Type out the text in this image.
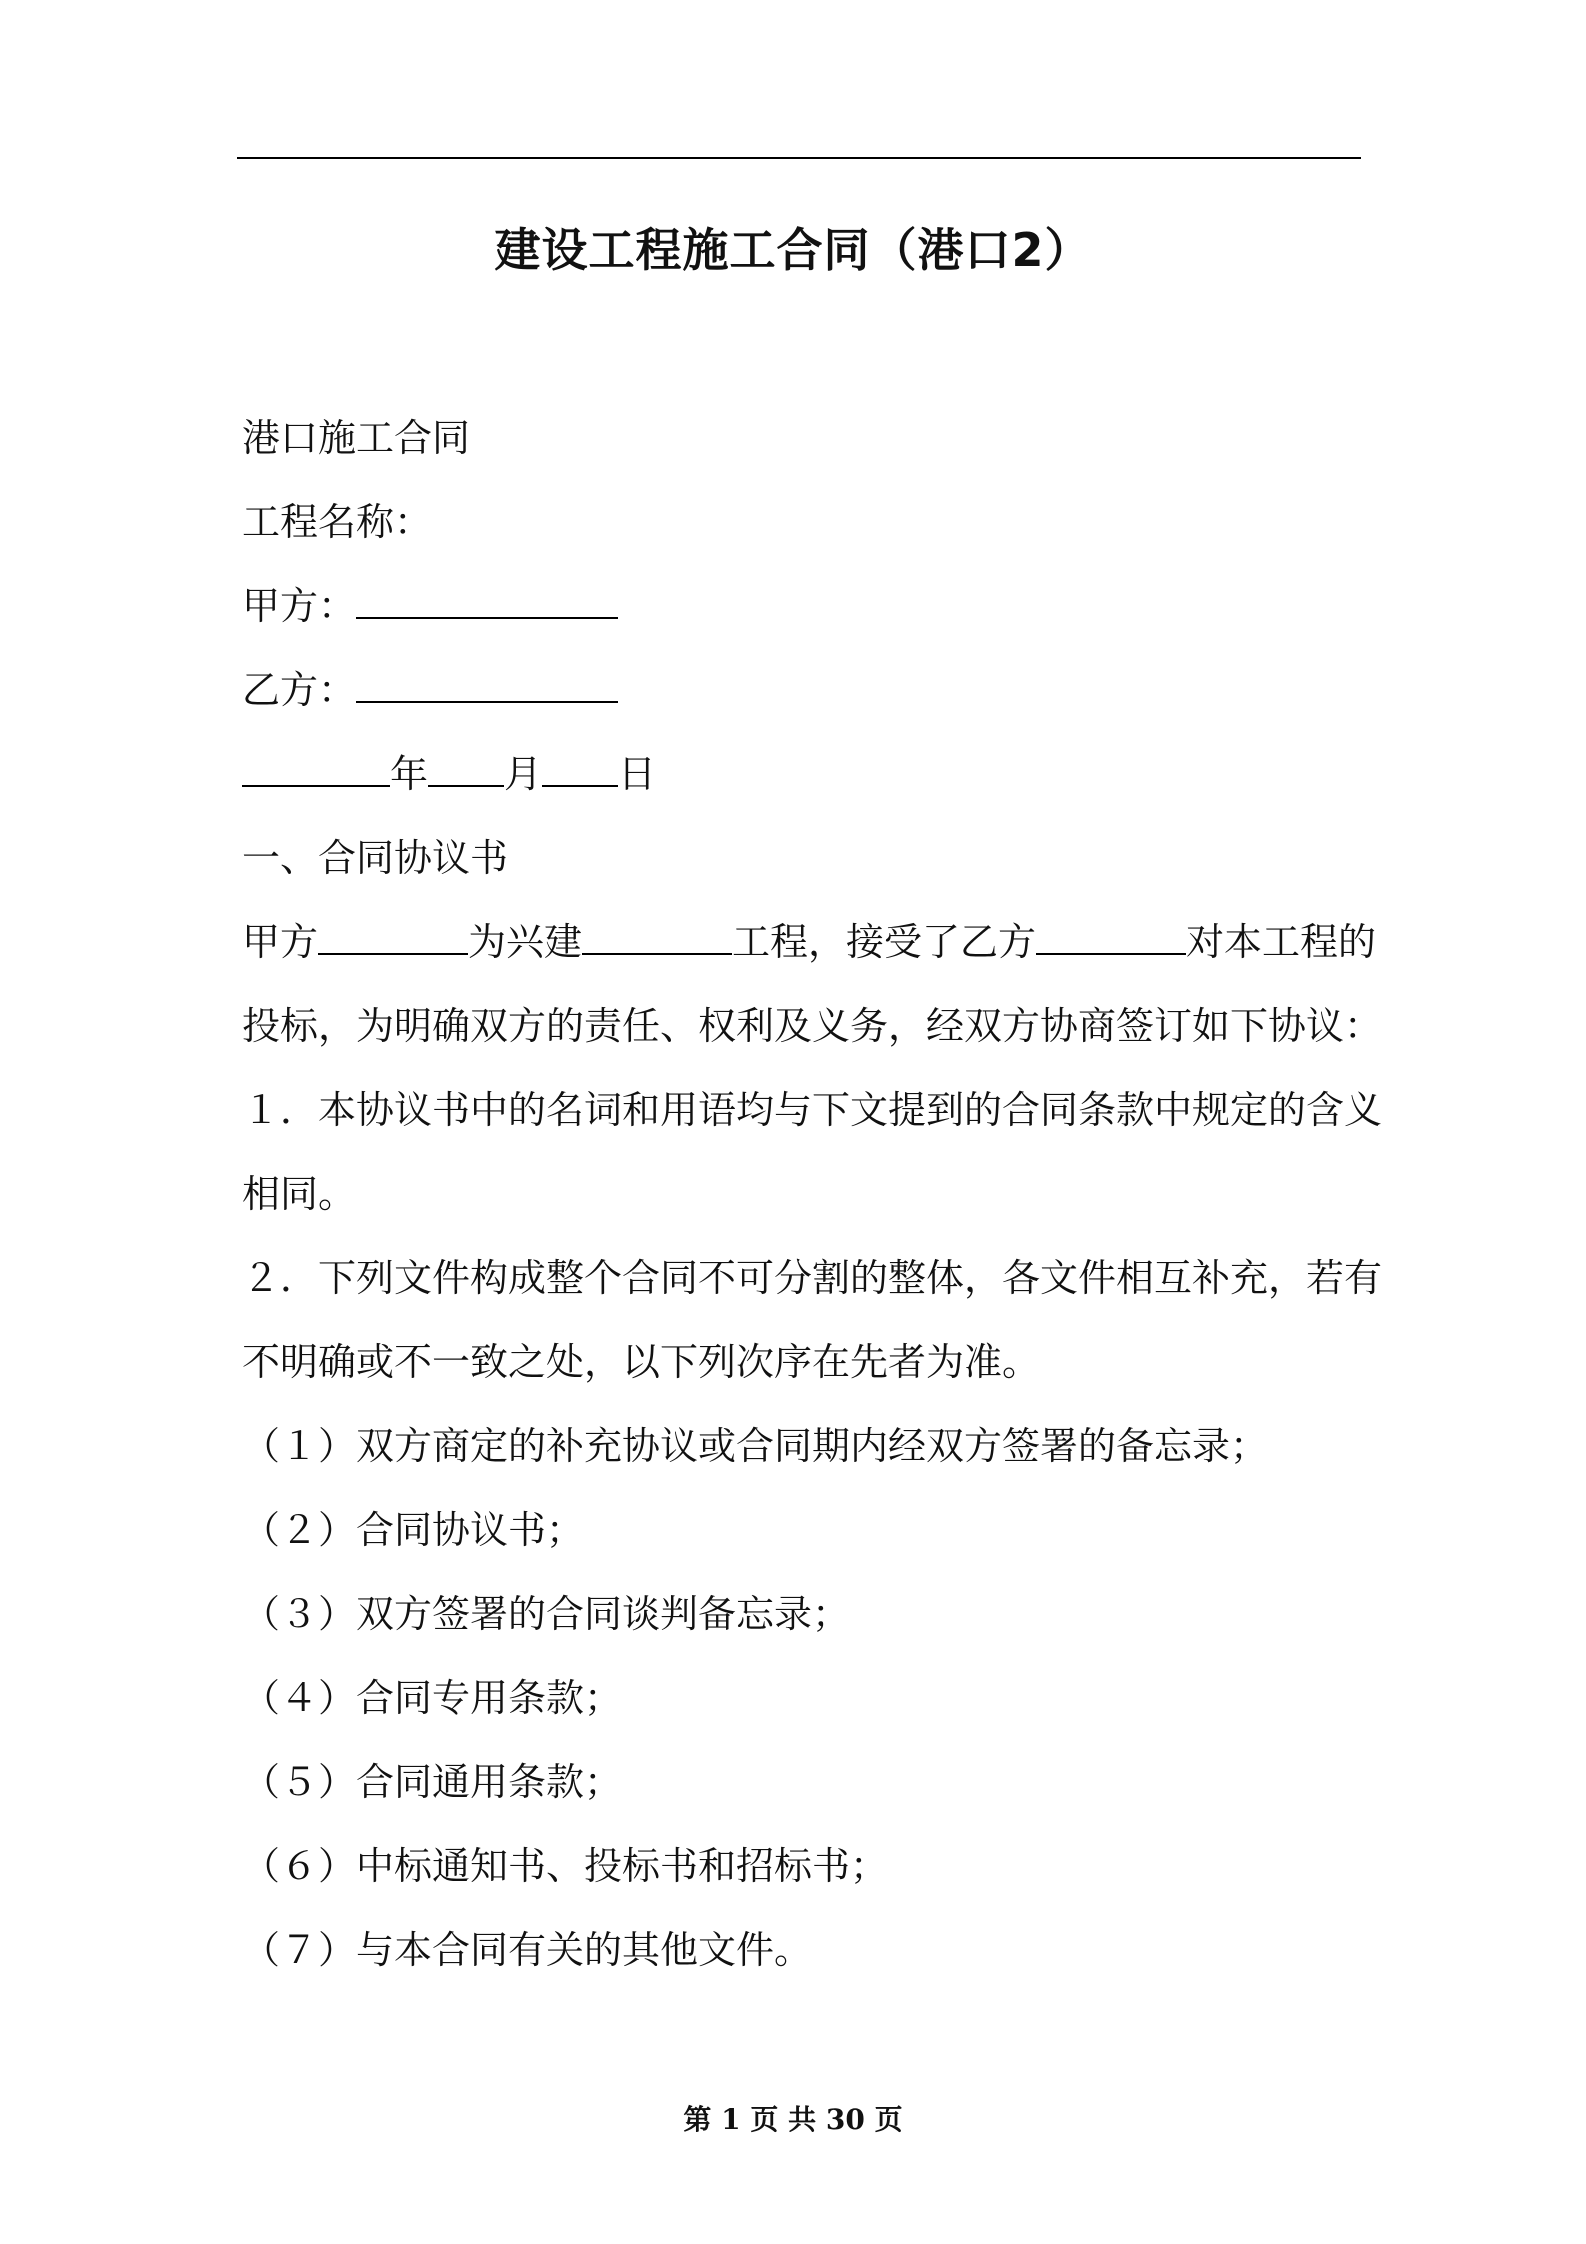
建设工程施工合同（港口2）
港口施工合同
工程名称：
甲方：
乙方：
年 月 日
一、合同协议书
甲方	为兴建	工程，接受了乙方	对本工程的
投标，为明确双方的责任、权利及义务，经双方协商签订如下协议：
１．本协议书中的名词和用语均与下文提到的合同条款中规定的含义
相同。
２．下列文件构成整个合同不可分割的整体，各文件相互补充，若有
不明确或不一致之处，以下列次序在先者为准。
（１）双方商定的补充协议或合同期内经双方签署的备忘录；
（２）合同协议书；
（３）双方签署的合同谈判备忘录；
（４）合同专用条款；
（５）合同通用条款；
（６）中标通知书、投标书和招标书；
（７）与本合同有关的其他文件。
第 1 页 共 30 页
